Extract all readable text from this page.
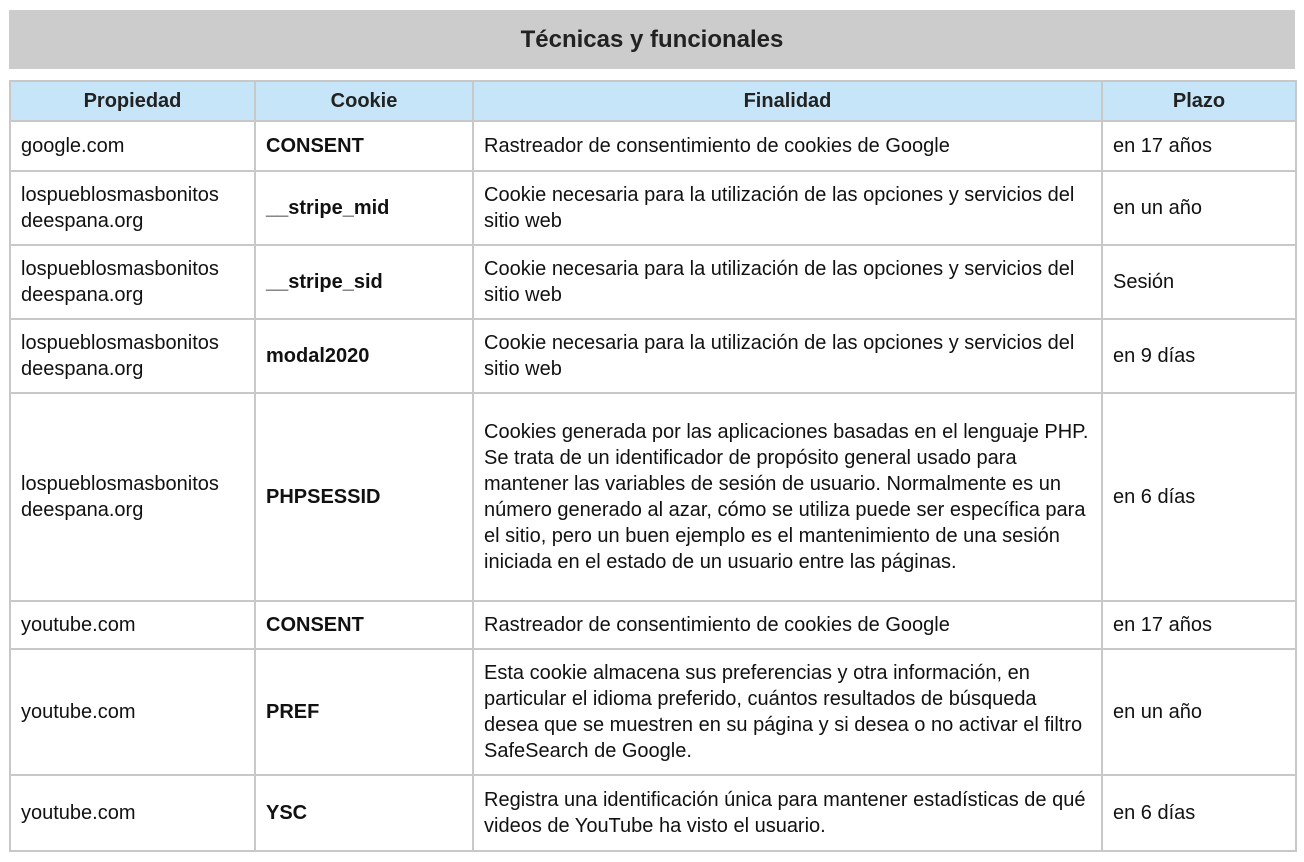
Técnicas y funcionales
Propiedad	Cookie	Finalidad	Plazo
google.com	CONSENT	Rastreador de consentimiento de cookies de Google	en 17 años
lospueblosmasbonitos deespana.org	__stripe_mid	Cookie necesaria para la utilización de las opciones y servicios del sitio web	en un año
lospueblosmasbonitos deespana.org	__stripe_sid	Cookie necesaria para la utilización de las opciones y servicios del sitio web	Sesión
lospueblosmasbonitos deespana.org	modal2020	Cookie necesaria para la utilización de las opciones y servicios del sitio web	en 9 días
lospueblosmasbonitos deespana.org	PHPSESSID	Cookies generada por las aplicaciones basadas en el lenguaje PHP. Se trata de un identificador de propósito general usado para mantener las variables de sesión de usuario. Normalmente es un número generado al azar, cómo se utiliza puede ser específica para el sitio, pero un buen ejemplo es el mantenimiento de una sesión iniciada en el estado de un usuario entre las páginas.	en 6 días
youtube.com	CONSENT	Rastreador de consentimiento de cookies de Google	en 17 años
youtube.com	PREF	Esta cookie almacena sus preferencias y otra información, en particular el idioma preferido, cuántos resultados de búsqueda desea que se muestren en su página y si desea o no activar el filtro SafeSearch de Google.	en un año
youtube.com	YSC	Registra una identificación única para mantener estadísticas de qué videos de YouTube ha visto el usuario.	en 6 días
